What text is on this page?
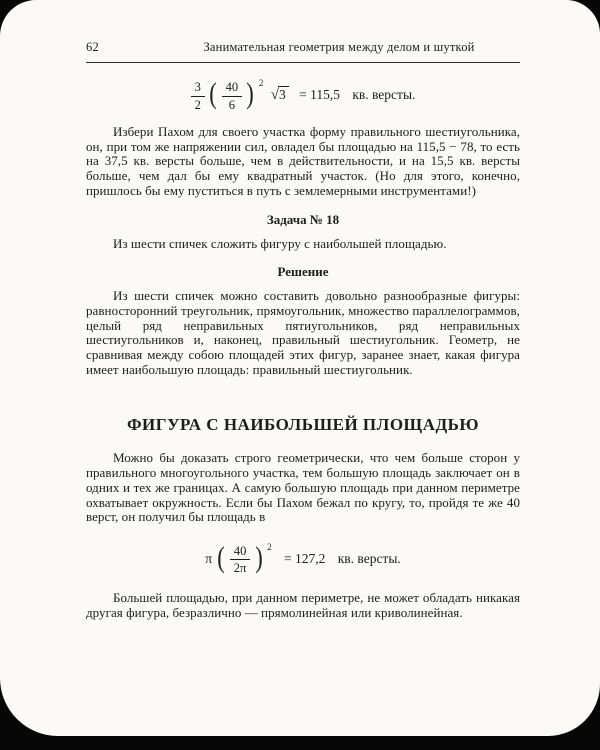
62	Занимательная геометрия между делом и шуткой
$\frac{3}{2}$ ( $\frac{40}{6}$ ) 2 √3 = 115,5 кв. версты.

Избери Пахом для своего участка форму правильного шестиугольника, он, при том же напряжении сил, овладел бы площадью на 115,5 − 78, то есть на 37,5 кв. версты больше, чем в действительности, и на 15,5 кв. версты больше, чем дал бы ему квадратный участок. (Но для этого, конечно, пришлось бы ему пуститься в путь с землемерными инструментами!)

Задача № 18

Из шести спичек сложить фигуру с наибольшей площадью.

Решение

Из шести спичек можно составить довольно разнообразные фигуры: равносторонний треугольник, прямоугольник, множество параллелограммов, целый ряд неправильных пятиугольников, ряд неправильных шестиугольников и, наконец, правильный шестиугольник. Геометр, не сравнивая между собою площадей этих фигур, заранее знает, какая фигура имеет наибольшую площадь: правильный шестиугольник.

ФИГУРА С НАИБОЛЬШЕЙ ПЛОЩАДЬЮ

Можно бы доказать строго геометрически, что чем больше сторон у правильного многоугольного участка, тем большую площадь заключает он в одних и тех же границах. А самую большую площадь при данном периметре охватывает окружность. Если бы Пахом бежал по кругу, то, пройдя те же 40 верст, он получил бы площадь в

π ( $\frac{40}{2\pi}$ ) 2 = 127,2 кв. версты.

Большей площадью, при данном периметре, не может обладать никакая другая фигура, безразлично — прямолинейная или криволинейная.
